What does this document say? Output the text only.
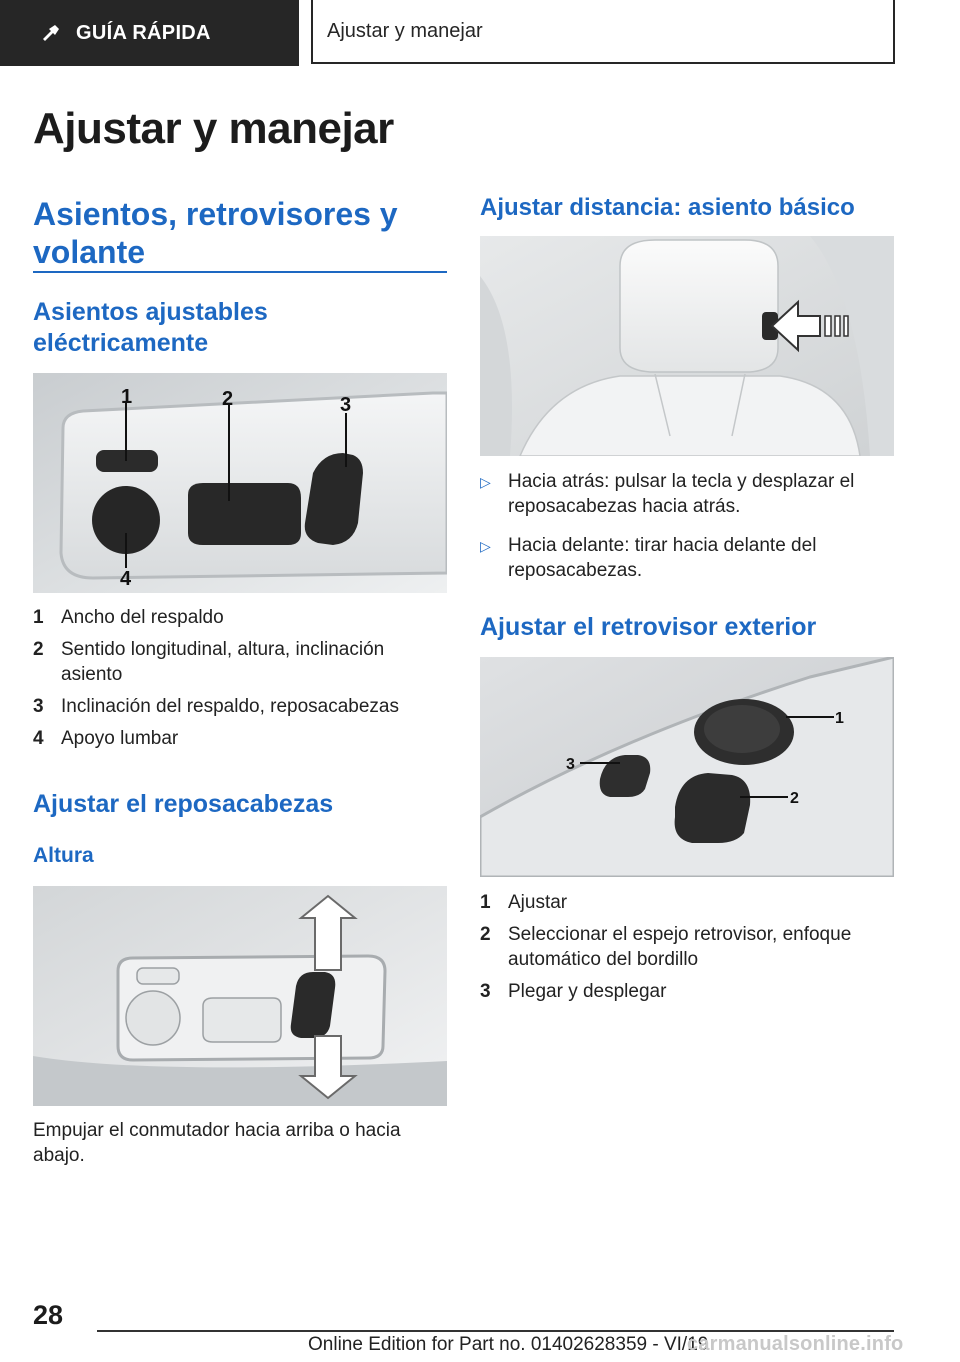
GUÍA RÁPIDA	Ajustar y manejar
Ajustar y manejar
Asientos, retrovisores y volante
Asientos ajustables eléctricamente
1	2	3
4
1 Ancho del respaldo
2 Sentido longitudinal, altura, inclinación asiento
3 Inclinación del respaldo, reposacabezas
4 Apoyo lumbar
Ajustar el reposacabezas
Altura

Empujar el conmutador hacia arriba o hacia abajo.

Ajustar distancia: asiento básico
▷ Hacia atrás: pulsar la tecla y desplazar el reposacabezas hacia atrás.
▷ Hacia delante: tirar hacia delante del reposacabezas.
Ajustar el retrovisor exterior
1
2
3
1 Ajustar
2 Seleccionar el espejo retrovisor, enfoque automático del bordillo
3 Plegar y desplegar
28
Online Edition for Part no. 01402628359 - VI/19
carmanualsonline.info
